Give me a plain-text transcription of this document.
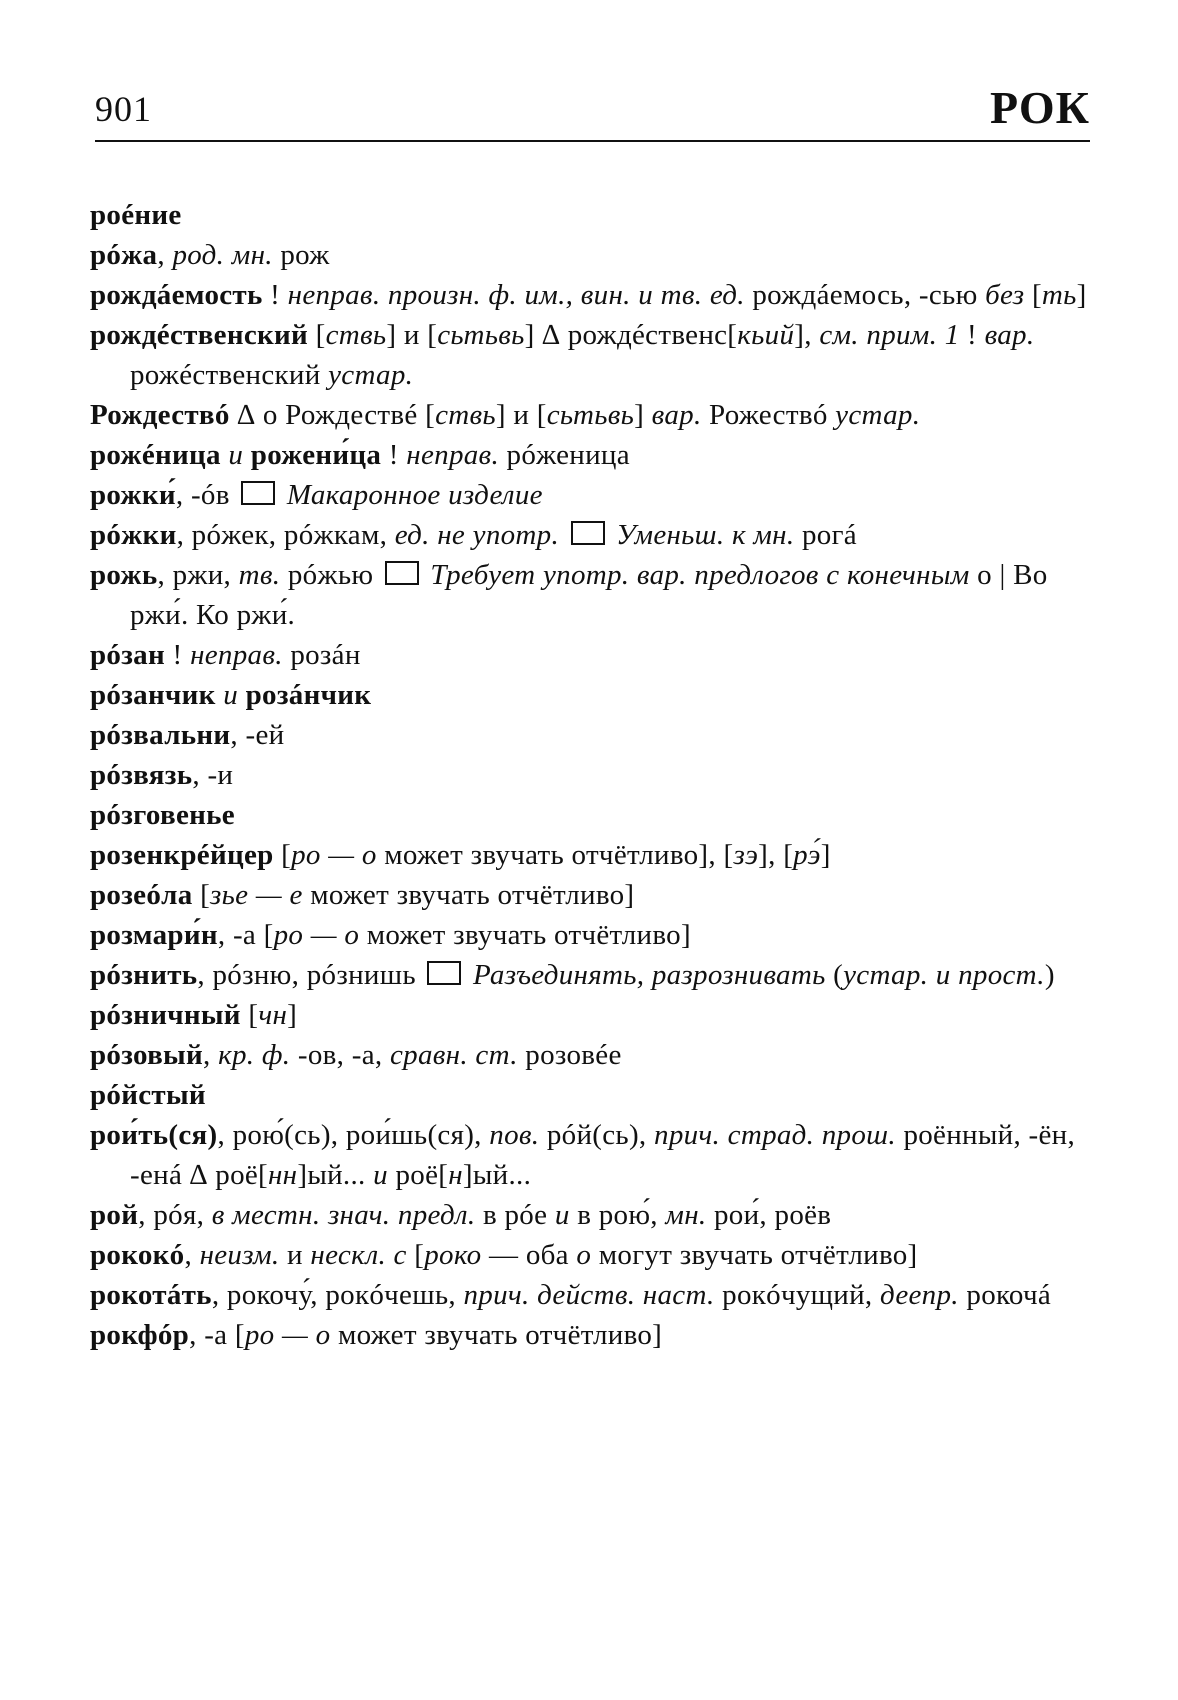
901	РОК
роéние
рóжа, род. мн. рож
рождáемость ! неправ. произн. ф. им., вин. и тв. ед. рождáемось, -сью без [ть]
рождéственский [ствь] и [сьтьвь] ∆ рождéственс[кьий], см. прим. 1 ! вар. рожéственский устар.
Рождествó ∆ о Рождествé [ствь] и [сьтьвь] вар. Рожествó устар.
рожéница и рожени́ца ! неправ. рóженица
рожки́, -óв  Макаронное изделие
рóжки, рóжек, рóжкам, ед. не употр. Уменьш. к мн. рогá
рожь, ржи, тв. рóжью  Требует употр. вар. предлогов с конечным о | Во ржи́. Ко ржи́.
рóзан ! неправ. розáн
рóзанчик и розáнчик
рóзвальни, -ей
рóзвязь, -и
рóзговенье
розенкрéйцер [ро — о может звучать отчётливо], [зэ], [рэ́]
розеóла [зье — е может звучать отчётливо]
розмари́н, -а [ро — о может звучать отчётливо]
рóзнить, рóзню, рóзнишь  Разъединять, разрознивать (устар. и прост.)
рóзничный [чн]
рóзовый, кр. ф. -ов, -а, сравн. ст. розовéе
рóйстый
рои́ть(ся), рою́(сь), рои́шь(ся), пов. рóй(сь), прич. страд. прош. роённый, -ён, -енá ∆ роё[нн]ый... и роё[н]ый...
рой, рóя, в местн. знач. предл. в рóе и в рою́, мн. рои́, роёв
рококó, неизм. и нескл. с [роко — оба о могут звучать отчётливо]
рокотáть, рокочу́, рокóчешь, прич. действ. наст. рокóчущий, деепр. рокочá
рокфóр, -а [ро — о может звучать отчётливо]
